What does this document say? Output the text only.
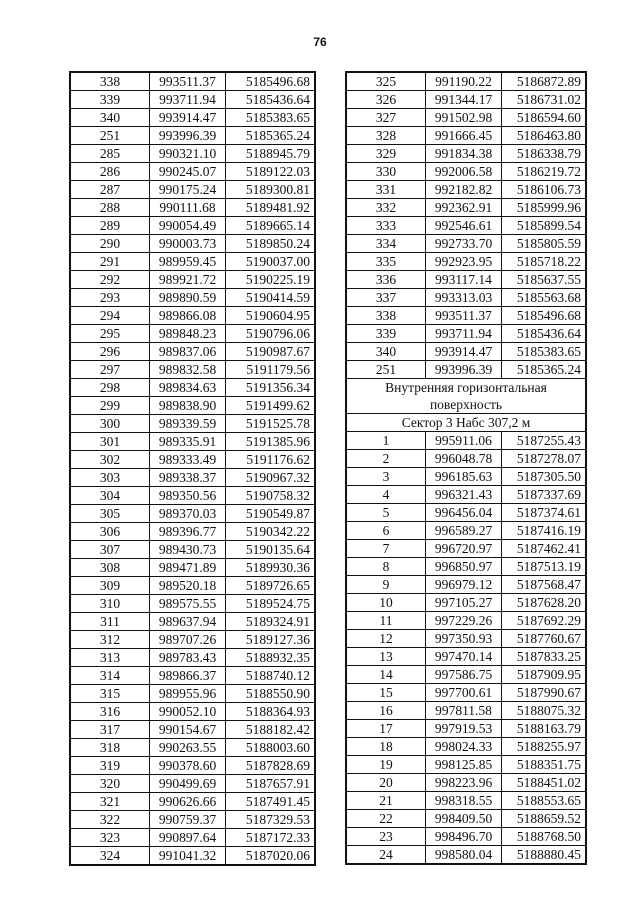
76
338	993511.37	5185496.68
339	993711.94	5185436.64
340	993914.47	5185383.65
251	993996.39	5185365.24
285	990321.10	5188945.79
286	990245.07	5189122.03
287	990175.24	5189300.81
288	990111.68	5189481.92
289	990054.49	5189665.14
290	990003.73	5189850.24
291	989959.45	5190037.00
292	989921.72	5190225.19
293	989890.59	5190414.59
294	989866.08	5190604.95
295	989848.23	5190796.06
296	989837.06	5190987.67
297	989832.58	5191179.56
298	989834.63	5191356.34
299	989838.90	5191499.62
300	989339.59	5191525.78
301	989335.91	5191385.96
302	989333.49	5191176.62
303	989338.37	5190967.32
304	989350.56	5190758.32
305	989370.03	5190549.87
306	989396.77	5190342.22
307	989430.73	5190135.64
308	989471.89	5189930.36
309	989520.18	5189726.65
310	989575.55	5189524.75
311	989637.94	5189324.91
312	989707.26	5189127.36
313	989783.43	5188932.35
314	989866.37	5188740.12
315	989955.96	5188550.90
316	990052.10	5188364.93
317	990154.67	5188182.42
318	990263.55	5188003.60
319	990378.60	5187828.69
320	990499.69	5187657.91
321	990626.66	5187491.45
322	990759.37	5187329.53
323	990897.64	5187172.33
324	991041.32	5187020.06
325	991190.22	5186872.89
326	991344.17	5186731.02
327	991502.98	5186594.60
328	991666.45	5186463.80
329	991834.38	5186338.79
330	992006.58	5186219.72
331	992182.82	5186106.73
332	992362.91	5185999.96
333	992546.61	5185899.54
334	992733.70	5185805.59
335	992923.95	5185718.22
336	993117.14	5185637.55
337	993313.03	5185563.68
338	993511.37	5185496.68
339	993711.94	5185436.64
340	993914.47	5185383.65
251	993996.39	5185365.24

Внутренняя горизонтальная
поверхность		

Сектор 3 Набс 307,2 м		
1	995911.06	5187255.43
2	996048.78	5187278.07
3	996185.63	5187305.50
4	996321.43	5187337.69
5	996456.04	5187374.61
6	996589.27	5187416.19
7	996720.97	5187462.41
8	996850.97	5187513.19
9	996979.12	5187568.47
10	997105.27	5187628.20
11	997229.26	5187692.29
12	997350.93	5187760.67
13	997470.14	5187833.25
14	997586.75	5187909.95
15	997700.61	5187990.67
16	997811.58	5188075.32
17	997919.53	5188163.79
18	998024.33	5188255.97
19	998125.85	5188351.75
20	998223.96	5188451.02
21	998318.55	5188553.65
22	998409.50	5188659.52
23	998496.70	5188768.50
24	998580.04	5188880.45
